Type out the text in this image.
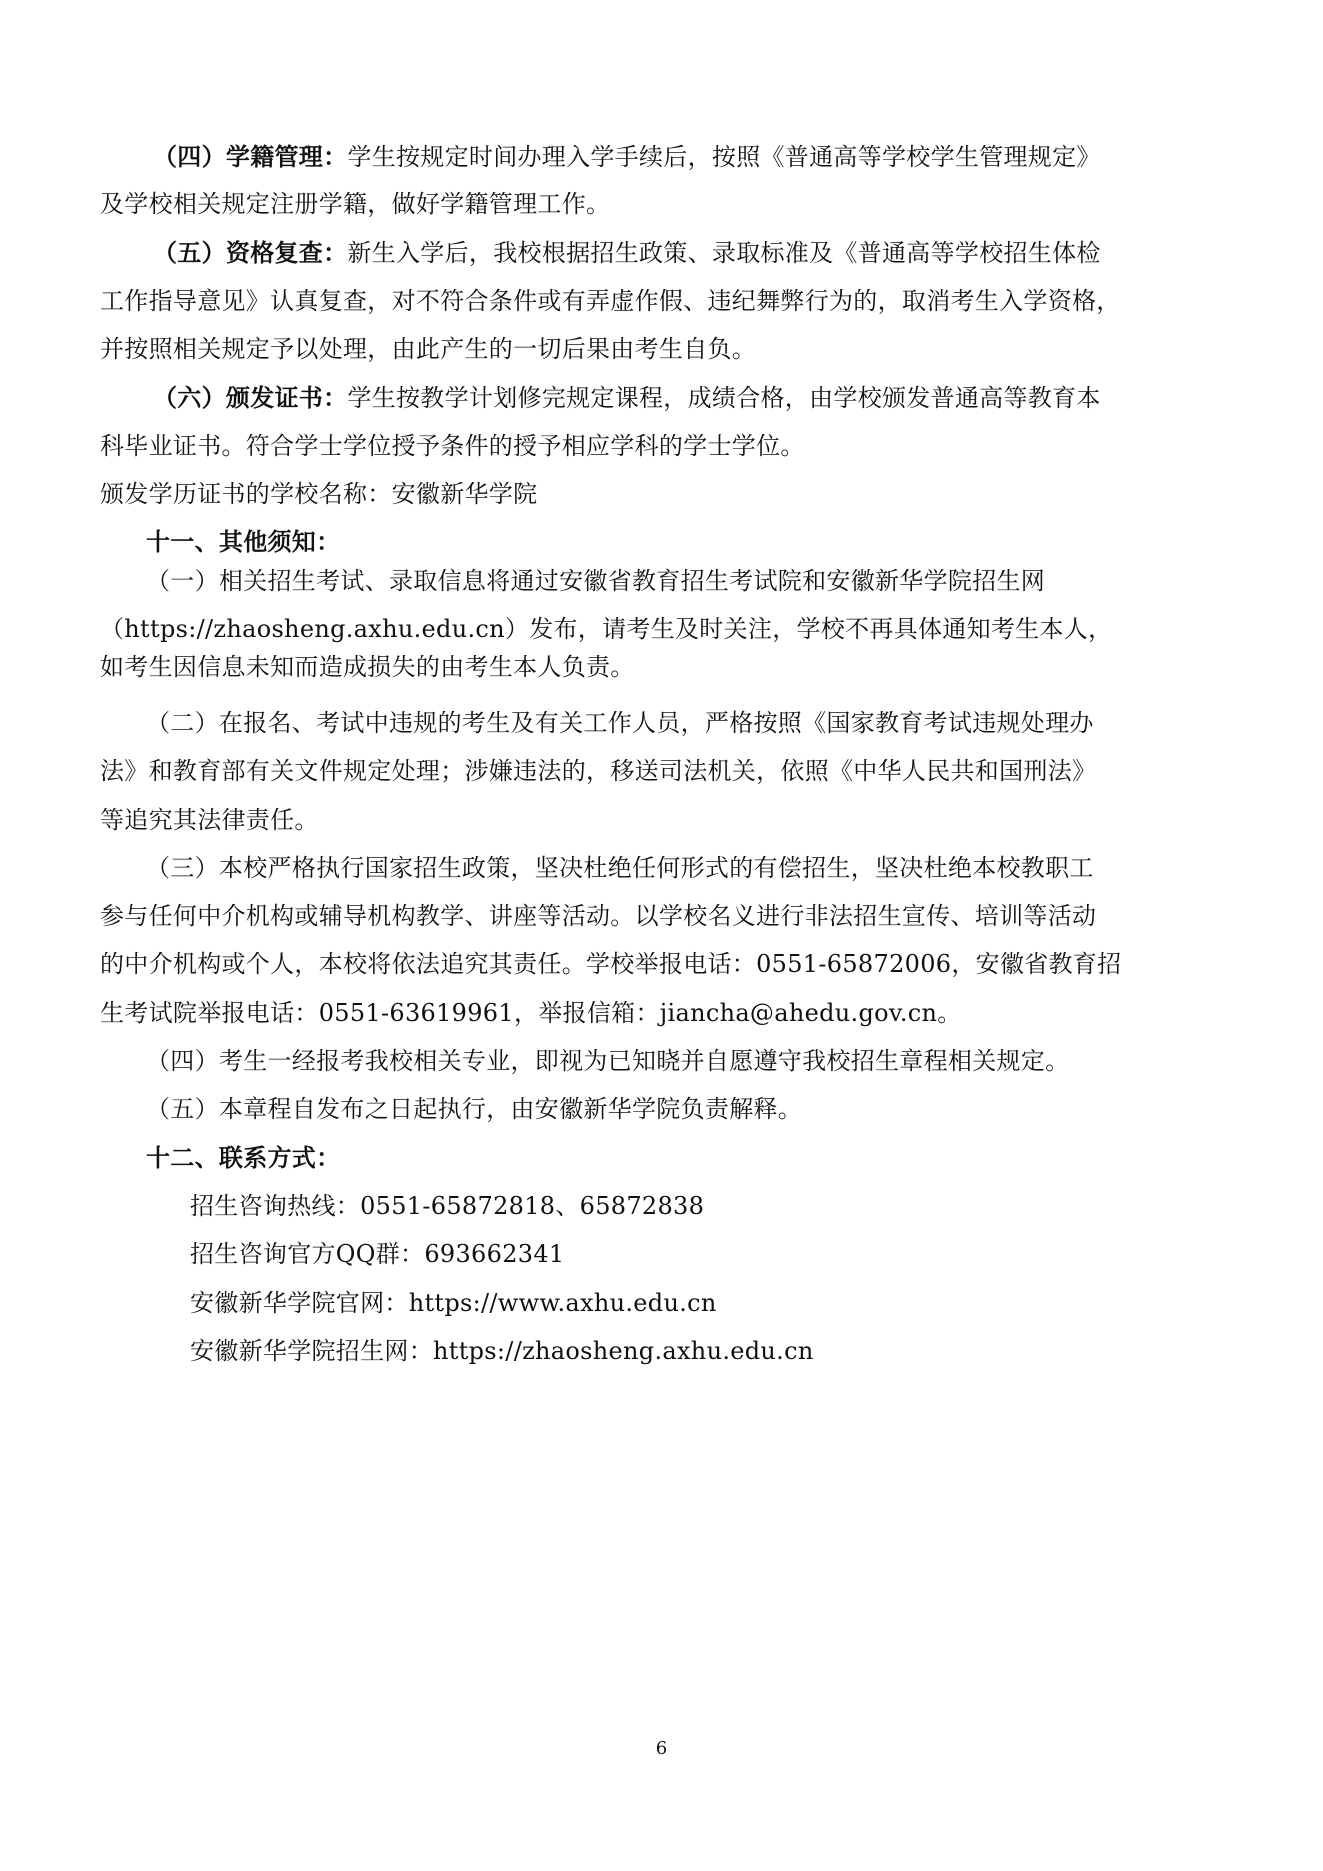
（四）学籍管理：学生按规定时间办理入学手续后，按照《普通高等学校学生管理规定》
及学校相关规定注册学籍，做好学籍管理工作。
（五）资格复查：新生入学后，我校根据招生政策、录取标准及《普通高等学校招生体检
工作指导意见》认真复查，对不符合条件或有弄虚作假、违纪舞弊行为的，取消考生入学资格，
并按照相关规定予以处理，由此产生的一切后果由考生自负。
（六）颁发证书：学生按教学计划修完规定课程，成绩合格，由学校颁发普通高等教育本
科毕业证书。符合学士学位授予条件的授予相应学科的学士学位。
颁发学历证书的学校名称：安徽新华学院
十一、其他须知：
（一）相关招生考试、录取信息将通过安徽省教育招生考试院和安徽新华学院招生网
（https://zhaosheng.axhu.edu.cn）发布，请考生及时关注，学校不再具体通知考生本人，
如考生因信息未知而造成损失的由考生本人负责。
（二）在报名、考试中违规的考生及有关工作人员，严格按照《国家教育考试违规处理办
法》和教育部有关文件规定处理；涉嫌违法的，移送司法机关，依照《中华人民共和国刑法》
等追究其法律责任。
（三）本校严格执行国家招生政策，坚决杜绝任何形式的有偿招生，坚决杜绝本校教职工
参与任何中介机构或辅导机构教学、讲座等活动。以学校名义进行非法招生宣传、培训等活动
的中介机构或个人，本校将依法追究其责任。学校举报电话：0551-65872006，安徽省教育招
生考试院举报电话：0551-63619961，举报信箱：jiancha@ahedu.gov.cn。
（四）考生一经报考我校相关专业，即视为已知晓并自愿遵守我校招生章程相关规定。
（五）本章程自发布之日起执行，由安徽新华学院负责解释。
十二、联系方式：
招生咨询热线：0551-65872818、65872838
招生咨询官方QQ群：693662341
安徽新华学院官网：https://www.axhu.edu.cn
安徽新华学院招生网：https://zhaosheng.axhu.edu.cn
6
